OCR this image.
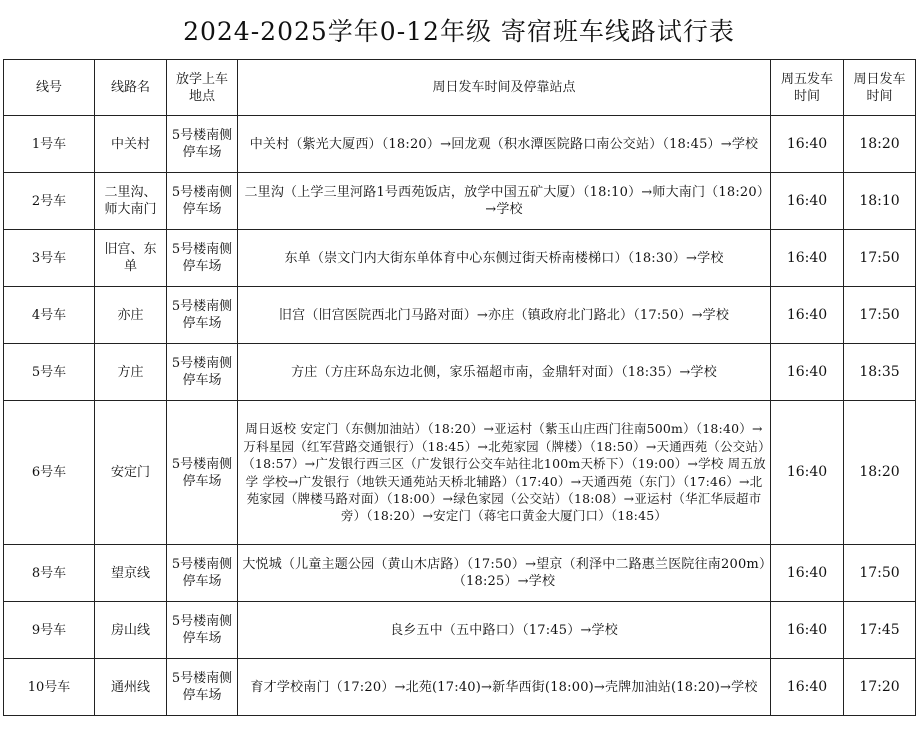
2024-2025学年0-12年级 寄宿班车线路试行表
线号	线路名	放学上车地点	周日发车时间及停靠站点	周五发车时间	周日发车时间
1号车	中关村	5号楼南侧停车场	中关村（紫光大厦西）（18:20）→回龙观（积水潭医院路口南公交站）（18:45）→学校	16:40	18:20
2号车	二里沟、师大南门	5号楼南侧停车场	二里沟（上学三里河路1号西苑饭店，放学中国五矿大厦）（18:10）→师大南门（18:20）→学校	16:40	18:10
3号车	旧宫、东单	5号楼南侧停车场	东单（崇文门内大街东单体育中心东侧过街天桥南楼梯口）（18:30）→学校	16:40	17:50
4号车	亦庄	5号楼南侧停车场	旧宫（旧宫医院西北门马路对面）→亦庄（镇政府北门路北）（17:50）→学校	16:40	17:50
5号车	方庄	5号楼南侧停车场	方庄（方庄环岛东边北侧，家乐福超市南，金鼎轩对面）（18:35）→学校	16:40	18:35
6号车	安定门	5号楼南侧停车场	周日返校 安定门（东侧加油站）（18:20）→亚运村（紫玉山庄西门往南500m）（18:40）→万科星园（红军营路交通银行）（18:45）→北苑家园（牌楼）（18:50）→天通西苑（公交站）（18:57）→广发银行西三区（广发银行公交车站往北100m天桥下）（19:00）→学校 周五放学 学校→广发银行（地铁天通苑站天桥北辅路）（17:40）→天通西苑（东门）（17:46）→北苑家园（牌楼马路对面）（18:00）→绿色家园（公交站）（18:08）→亚运村（华汇华辰超市旁）（18:20）→安定门（蒋宅口黄金大厦门口）（18:45）	16:40	18:20
8号车	望京线	5号楼南侧停车场	大悦城（儿童主题公园（黄山木店路）（17:50）→望京（利泽中二路惠兰医院往南200m）（18:25）→学校	16:40	17:50
9号车	房山线	5号楼南侧停车场	良乡五中（五中路口）（17:45）→学校	16:40	17:45
10号车	通州线	5号楼南侧停车场	育才学校南门（17:20）→北苑(17:40)→新华西街(18:00)→壳牌加油站(18:20)→学校	16:40	17:20
